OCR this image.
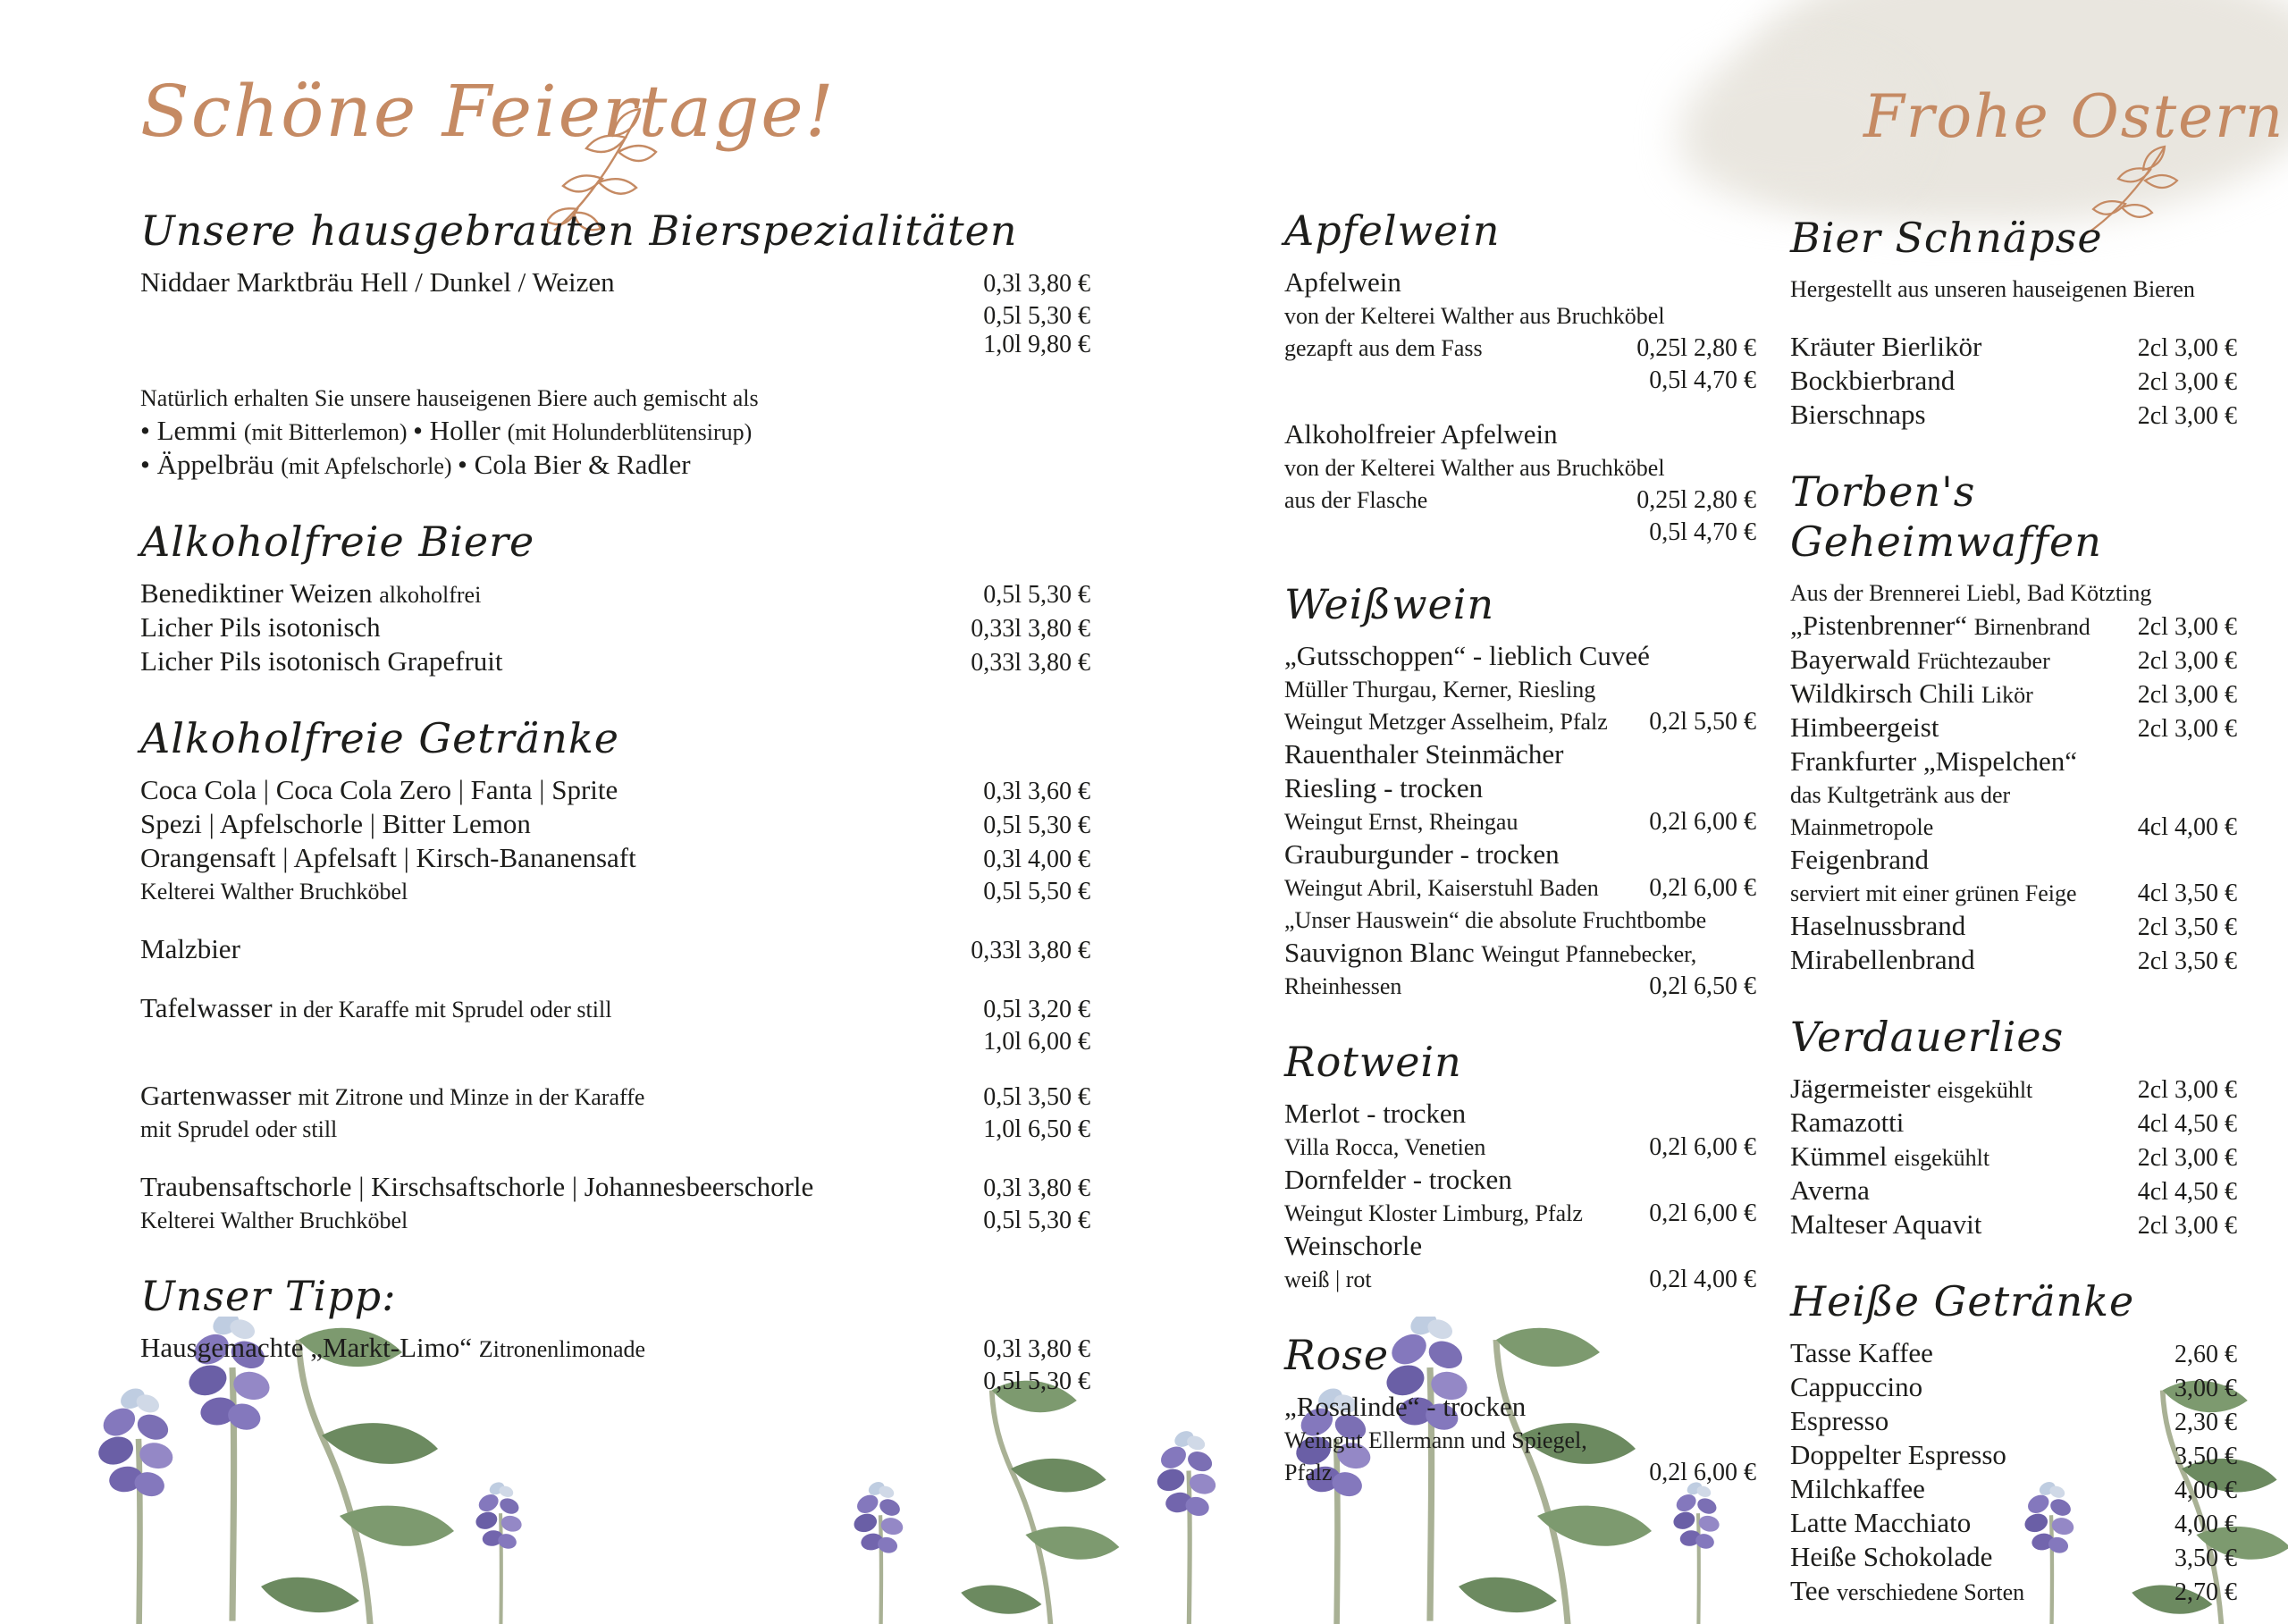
Schöne Feiertage!	Frohe Ostern
Unsere hausgebrauten Bierspezialitäten
Niddaer Marktbräu Hell / Dunkel / Weizen	0,3l 3,80 €
0,5l 5,30 €
1,0l 9,80 €
Natürlich erhalten Sie unsere hauseigenen Biere auch gemischt als
• Lemmi (mit Bitterlemon) • Holler (mit Holunderblütensirup)
• Äppelbräu (mit Apfelschorle) • Cola Bier & Radler
Alkoholfreie Biere
Benediktiner Weizen alkoholfrei	0,5l 5,30 €
Licher Pils isotonisch	0,33l 3,80 €
Licher Pils isotonisch Grapefruit	0,33l 3,80 €
Alkoholfreie Getränke
Coca Cola | Coca Cola Zero | Fanta | Sprite	0,3l 3,60 €
Spezi | Apfelschorle | Bitter Lemon	0,5l 5,30 €
Orangensaft | Apfelsaft | Kirsch-Bananensaft	0,3l 4,00 €
Kelterei Walther Bruchköbel	0,5l 5,50 €
Malzbier	0,33l 3,80 €
Tafelwasser in der Karaffe mit Sprudel oder still	0,5l 3,20 €
1,0l 6,00 €
Gartenwasser mit Zitrone und Minze in der Karaffe	0,5l 3,50 €
mit Sprudel oder still	1,0l 6,50 €
Traubensaftschorle | Kirschsaftschorle | Johannesbeerschorle	0,3l 3,80 €
Kelterei Walther Bruchköbel	0,5l 5,30 €
Unser Tipp:
Hausgemachte „Markt-Limo“ Zitronenlimonade	0,3l 3,80 €
0,5l 5,30 €
Apfelwein
Apfelwein
von der Kelterei Walther aus Bruchköbel
gezapft aus dem Fass	0,25l 2,80 €
0,5l 4,70 €
Alkoholfreier Apfelwein
von der Kelterei Walther aus Bruchköbel
aus der Flasche	0,25l 2,80 €
0,5l 4,70 €
Weißwein
„Gutsschoppen“ - lieblich Cuveé
Müller Thurgau, Kerner, Riesling
Weingut Metzger Asselheim, Pfalz	0,2l 5,50 €
Rauenthaler Steinmächer
Riesling - trocken
Weingut Ernst, Rheingau	0,2l 6,00 €
Grauburgunder - trocken
Weingut Abril, Kaiserstuhl Baden	0,2l 6,00 €
„Unser Hauswein“ die absolute Fruchtbombe
Sauvignon Blanc Weingut Pfannebecker,
Rheinhessen	0,2l 6,50 €
Rotwein
Merlot - trocken
Villa Rocca, Venetien	0,2l 6,00 €
Dornfelder - trocken
Weingut Kloster Limburg, Pfalz	0,2l 6,00 €
Weinschorle
weiß | rot	0,2l 4,00 €
Rose
„Rosalinde“ - trocken
Weingut Ellermann und Spiegel,
Pfalz	0,2l 6,00 €
Bier Schnäpse
Hergestellt aus unseren hauseigenen Bieren
Kräuter Bierlikör	2cl 3,00 €
Bockbierbrand	2cl 3,00 €
Bierschnaps	2cl 3,00 €
Torben's Geheimwaffen
Aus der Brennerei Liebl, Bad Kötzting
„Pistenbrenner“ Birnenbrand	2cl 3,00 €
Bayerwald Früchtezauber	2cl 3,00 €
Wildkirsch Chili Likör	2cl 3,00 €
Himbeergeist	2cl 3,00 €
Frankfurter „Mispelchen“
das Kultgetränk aus der
Mainmetropole	4cl 4,00 €
Feigenbrand
serviert mit einer grünen Feige	4cl 3,50 €
Haselnussbrand	2cl 3,50 €
Mirabellenbrand	2cl 3,50 €
Verdauerlies
Jägermeister eisgekühlt	2cl 3,00 €
Ramazotti	4cl 4,50 €
Kümmel eisgekühlt	2cl 3,00 €
Averna	4cl 4,50 €
Malteser Aquavit	2cl 3,00 €
Heiße Getränke
Tasse Kaffee	2,60 €
Cappuccino	3,00 €
Espresso	2,30 €
Doppelter Espresso	3,50 €
Milchkaffee	4,00 €
Latte Macchiato	4,00 €
Heiße Schokolade	3,50 €
Tee verschiedene Sorten	2,70 €
